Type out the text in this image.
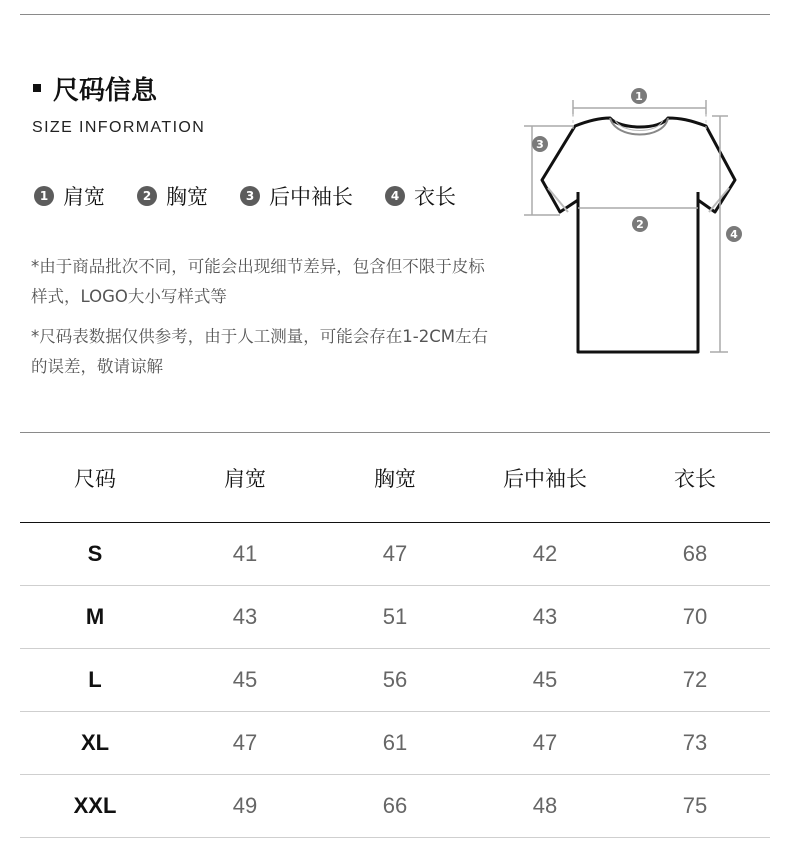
尺码信息
SIZE INFORMATION
1 肩宽	2 胸宽	3 后中袖长	4 衣长
*由于商品批次不同，可能会出现细节差异，包含但不限于皮标样式，LOGO大小写样式等
*尺码表数据仅供参考，由于人工测量，可能会存在1-2CM左右的误差，敬请谅解
1
2
3
4
尺码	肩宽	胸宽	后中袖长	衣长
S	41	47	42	68
M	43	51	43	70
L	45	56	45	72
XL	47	61	47	73
XXL	49	66	48	75
